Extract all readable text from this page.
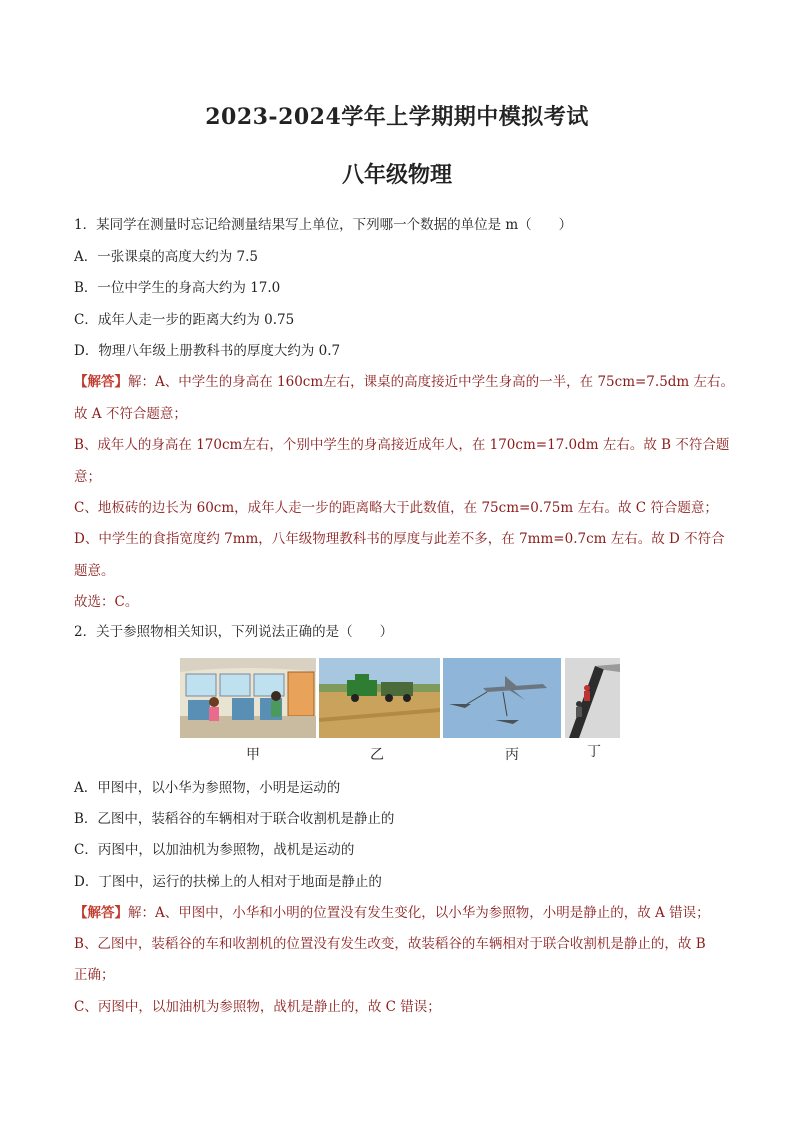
2023-2024学年上学期期中模拟考试
八年级物理
1．某同学在测量时忘记给测量结果写上单位，下列哪一个数据的单位是 m（　　）
A．一张课桌的高度大约为 7.5
B．一位中学生的身高大约为 17.0
C．成年人走一步的距离大约为 0.75
D．物理八年级上册教科书的厚度大约为 0.7
【解答】解：A、中学生的身高在 160cm左右，课桌的高度接近中学生身高的一半，在 75cm=7.5dm 左右。
故 A 不符合题意；
B、成年人的身高在 170cm左右，个别中学生的身高接近成年人，在 170cm=17.0dm 左右。故 B 不符合题
意；
C、地板砖的边长为 60cm，成年人走一步的距离略大于此数值，在 75cm=0.75m 左右。故 C 符合题意；
D、中学生的食指宽度约 7mm，八年级物理教科书的厚度与此差不多，在 7mm=0.7cm 左右。故 D 不符合
题意。
故选：C。
2．关于参照物相关知识，下列说法正确的是（　　）
甲	乙	丙	丁
A．甲图中，以小华为参照物，小明是运动的
B．乙图中，装稻谷的车辆相对于联合收割机是静止的
C．丙图中，以加油机为参照物，战机是运动的
D．丁图中，运行的扶梯上的人相对于地面是静止的
【解答】解：A、甲图中，小华和小明的位置没有发生变化，以小华为参照物，小明是静止的，故 A 错误；
B、乙图中，装稻谷的车和收割机的位置没有发生改变，故装稻谷的车辆相对于联合收割机是静止的，故 B
正确；
C、丙图中，以加油机为参照物，战机是静止的，故 C 错误；
